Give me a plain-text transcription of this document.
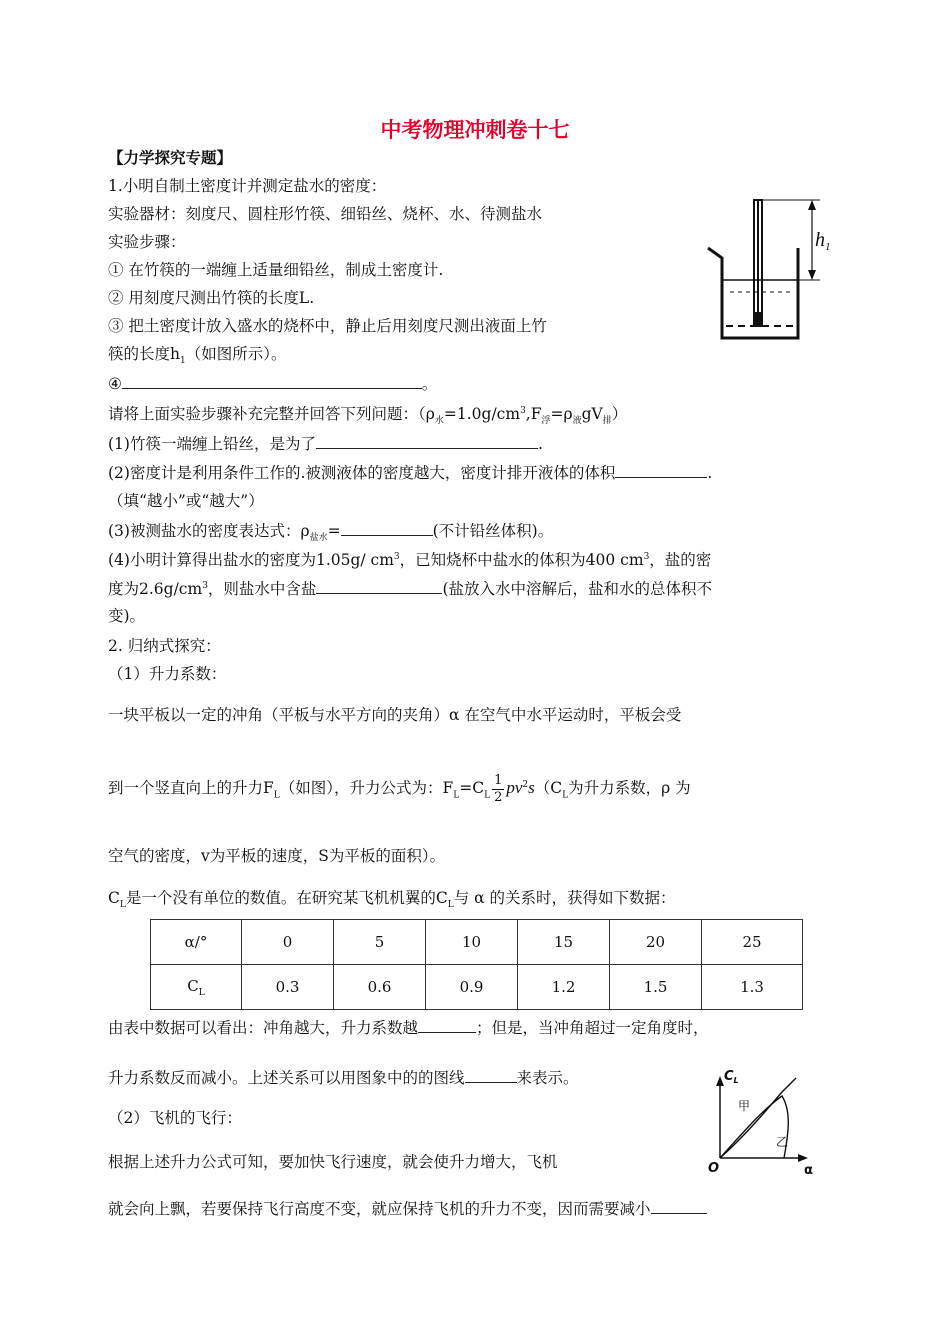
中考物理冲刺卷十七
【力学探究专题】
1.小明自制土密度计并测定盐水的密度：
实验器材：刻度尺、圆柱形竹筷、细铅丝、烧杯、水、待测盐水
实验步骤：
① 在竹筷的一端缠上适量细铅丝，制成土密度计.
② 用刻度尺测出竹筷的长度L.
③ 把土密度计放入盛水的烧杯中，静止后用刻度尺测出液面上竹
筷的长度$h_1$（如图所示）。
④	。
请将上面实验步骤补充完整并回答下列问题：$(\rho_水=1.0g/cm^3,F_浮=\rho_液gV_排)$
(1)竹筷一端缠上铅丝，是为了	.
(2)密度计是利用条件工作的.被测液体的密度越大，密度计排开液体的体积	.
（填“越小”或“越大”）
(3)被测盐水的密度表达式：$\rho_{盐水}=$	(不计铅丝体积)。
(4)小明计算得出盐水的密度为1.05g/ $cm^3$，已知烧杯中盐水的体积为400 $cm^3$，盐的密
度为$2.6g/cm^3$，则盐水中含盐	(盐放入水中溶解后，盐和水的总体积不
变)。
$h_1$
2. 归纳式探究：
（1）升力系数：
一块平板以一定的冲角（平板与水平方向的夹角）α 在空气中水平运动时，平板会受
到一个竖直向上的升力$F_L$（如图），升力公式为：$F_L=C_L \frac{1}{2} pv^2s(C_L$为升力系数，ρ 为
空气的密度，v为平板的速度，S为平板的面积）。
$C_L$是一个没有单位的数值。在研究某飞机机翼的$C_L$与 α 的关系时，获得如下数据：
α/°	0	5	10	15	20	25
$C_L$	0.3	0.6	0.9	1.2	1.5	1.3
由表中数据可以看出：冲角越大，升力系数越	；但是，当冲角超过一定角度时，
升力系数反而减小。上述关系可以用图象中的的图线	来表示。
（2）飞机的飞行：
根据上述升力公式可知，要加快飞行速度，就会使升力增大，飞机
就会向上飘，若要保持飞行高度不变，就应保持飞机的升力不变，因而需要减小
$C_L$
α
O
甲
乙
